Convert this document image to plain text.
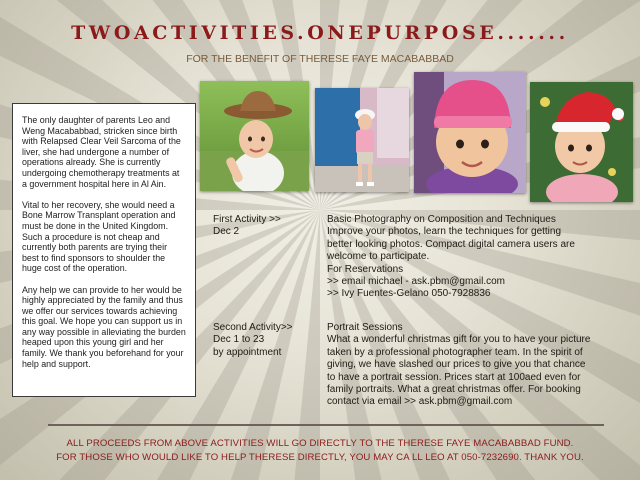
TWOACTIVITIES.ONEPURPOSE.......
FOR THE BENEFIT OF THERESE FAYE MACABABBAD

The only daughter of parents Leo and Weng Macababbad, stricken since birth with Relapsed Clear Veil Sarcoma of the liver, she had undergone a number of operations already. She is currently undergoing chemotherapy treatments at a government hospital here in Al Ain.

Vital to her recovery, she would need a Bone Marrow Transplant operation and must be done in the United Kingdom. Such a procedure is not cheap and currently both parents are trying their best to find sponsors to shoulder the huge cost of the operation.

Any help we can provide to her would be highly appreciated by the family and thus we offer our services towards achieving this goal. We hope you can support us in any way possible in alleviating the burden heaped upon this young girl and her family. We thank you beforehand for your help and support.

First Activity >>
Dec 2
Basic Photography on Composition and Techniques
Improve your photos, learn the techniques for getting
better looking photos. Compact digital camera users are
welcome to participate.
For Reservations
>> email michael - ask.pbm@gmail.com
>> Ivy Fuentes-Gelano 050-7928836
Second Activity>>
Dec 1 to 23
by appointment
Portrait Sessions
What a wonderful christmas gift for you to have your picture
taken by a professional photographer team. In the spirit of
giving, we have slashed our prices to give you that chance
to have a portrait session. Prices start at 100aed even for
family portraits. What a great christmas offer. For booking
contact via email >> ask.pbm@gmail.com
ALL PROCEEDS FROM ABOVE ACTIVITIES WILL GO DIRECTLY TO THE THERESE FAYE MACABABBAD FUND.
FOR THOSE WHO WOULD LIKE TO HELP THERESE DIRECTLY, YOU MAY CA LL LEO AT 050-7232690. THANK YOU.
